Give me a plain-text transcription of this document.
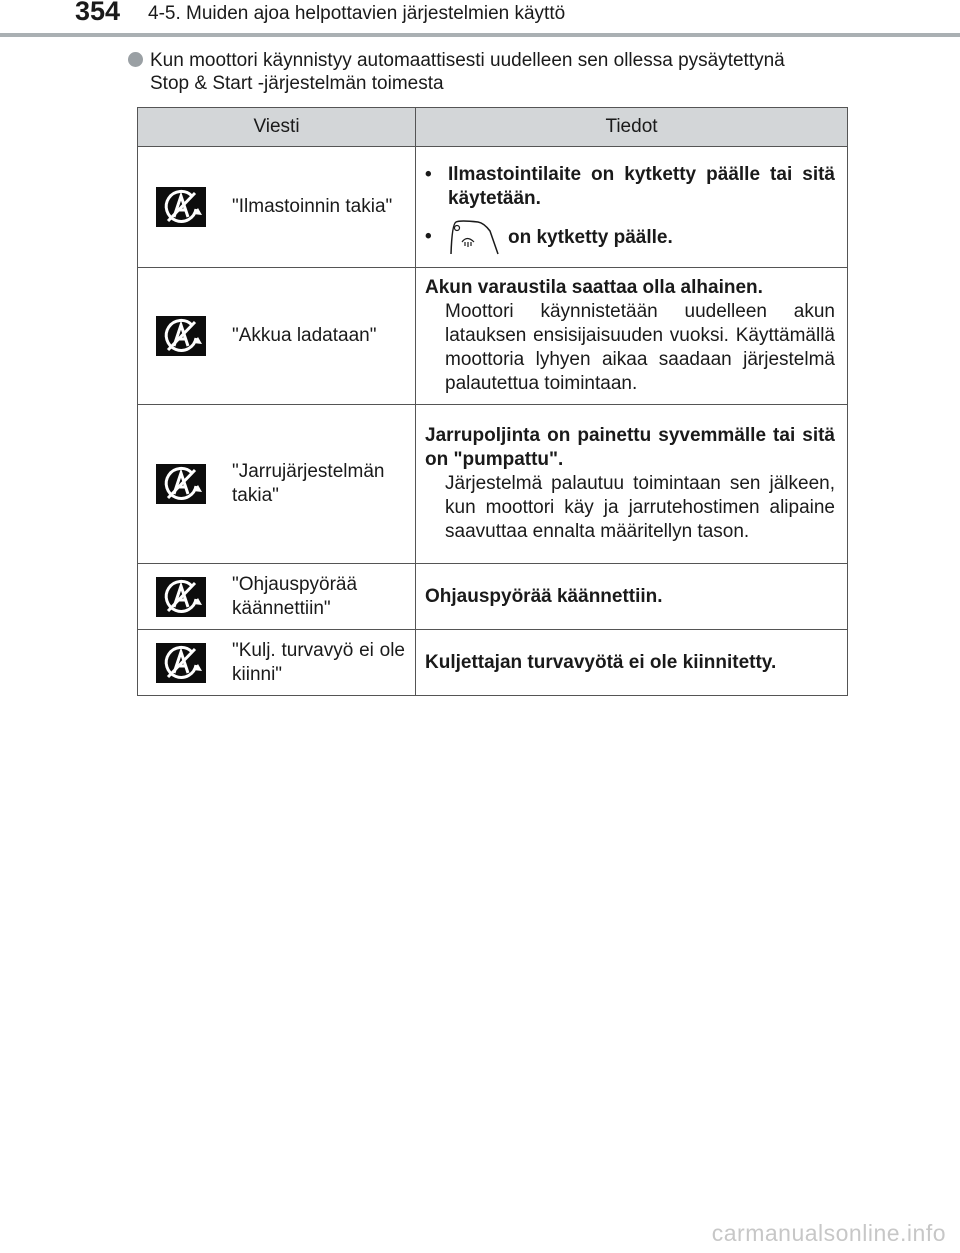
354 4-5. Muiden ajoa helpottavien järjestelmien käyttö
Kun moottori käynnistyy automaattisesti uudelleen sen ollessa pysäytettynä
Stop & Start -järjestelmän toimesta
Viesti	Tiedot

"Ilmastoinnin takia"	• Ilmastointilaite on kytketty päälle tai sitä käytetään.
• on kytketty päälle.

"Akkua ladataan"	Akun varaustila saattaa olla alhainen.
Moottori käynnistetään uudelleen akun latauksen ensisijaisuuden vuoksi. Käyttämällä moottoria lyhyen aikaa saadaan järjestelmä palautettua toimintaan.

"Jarrujärjestelmän takia"	Jarrupoljinta on painettu syvemmälle tai sitä on "pumpattu".
Järjestelmä palautuu toimintaan sen jälkeen, kun moottori käy ja jarrutehostimen alipaine saavuttaa ennalta määritellyn tason.

"Ohjauspyörää käännettiin"	Ohjauspyörää käännettiin.

"Kulj. turvavyö ei ole kiinni"	Kuljettajan turvavyötä ei ole kiinnitetty.
carmanualsonline.info
